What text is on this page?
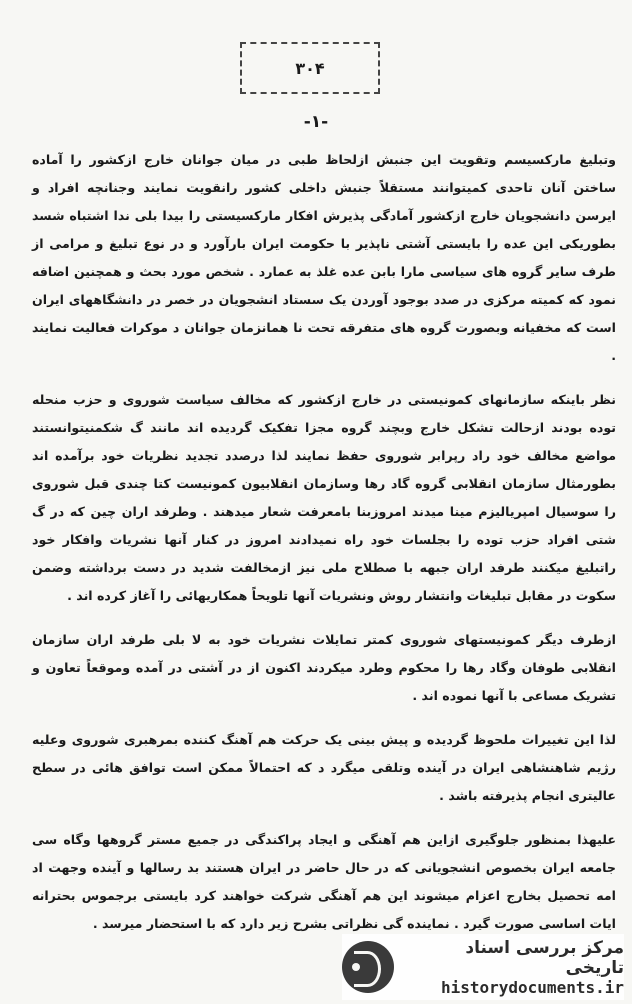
۳۰۴
-۱-

وتبلیغ مارکسیسم وتقویت این جنبش ازلحاظ طبی در میان جوانان خارج ازکشور را آماده ساختن آنان تاحدی کمیتوانند مستقلاً جنبش داخلی کشور رانقویت نمایند وجنانچه افراد و ایرسن دانشجویان خارج ازکشور آمادگی پذیرش افکار مارکسیستی را بیدا بلی ندا اشتباه شسد بطوریکی این عده را بایستی آشتی ناپذیر با حکومت ایران بارآورد و در نوع تبلیغ و مرامی از طرف سایر گروه های سیاسی مارا بابن عده غلذ به عمارد . شخص مورد بحث و همچنین اضافه نمود که کمیته مرکزی در صدد بوجود آوردن یک سستاد انشجویان در خصر در دانشگاههای ایران است که مخفیانه وبصورت گروه های متفرقه تحت نا همانزمان جوانان د موکرات فعالیت نمایند .

نظر باینکه سازمانهای کمونیستی در خارج ازکشور که مخالف سیاست شوروی و حزب منحله توده بودند ازحالت تشکل خارج وبچند گروه مجزا تفکیک گردیده اند مانند گ شکمنیتوانستند مواضع مخالف خود راد رپرابر شوروی حفظ نمایند لذا درصدد تجدید نظریات خود برآمده اند بطورمثال سازمان انقلابی گروه گاد رها وسازمان انقلابیون کمونیست کتا چندی قبل شوروی را سوسیال امپریالیزم مینا میدند امروزبنا بامعرفت شعار میدهند . وطرفد اران چین که در گ شتی افراد حزب توده را بجلسات خود راه نمیدادند امروز در کنار آنها نشریات وافکار خود راتبلیغ میکنند طرفد اران جبهه با صطلاح ملی نیز ازمخالفت شدید در دست برداشته وضمن سکوت در مقابل تبلیغات وانتشار روش ونشریات آنها تلویحاً همکاریهائی را آغاز کرده اند .

ازطرف دیگر کمونیستهای شوروی کمتر تمایلات نشریات خود به لا بلی طرفد اران سازمان انقلابی طوفان وگاد رها را محکوم وطرد میکردند اکنون از در آشتی در آمده وموقعاً تعاون و تشریک مساعی با آنها نموده اند .

لذا این تغییرات ملحوظ گردیده و پیش بینی یک حرکت هم آهنگ کننده بمرهبری شوروی وعلیه رژیم شاهنشاهی ایران در آینده وتلقی میگرد د که احتمالاً ممکن است توافق هائی در سطح عالیتری انجام پذیرفته باشد .

علیهذا بمنظور جلوگیری ازاین هم آهنگی و ایجاد پراکندگی در جمیع مستر گروهها وگاه سی جامعه ایران بخصوص انشجویانی که در حال حاضر در ایران هستند بد رسالها و آینده وجهت اد امه تحصیل بخارج اعزام میشوند این هم آهنگی شرکت خواهند کرد بایستی برجموس بحترانه ایات اساسی صورت گیرد . نماینده گی نظراتی بشرح زیر دارد که با استحضار میرسد .

مرکز بررسی اسناد تاریخی
historydocuments.ir
